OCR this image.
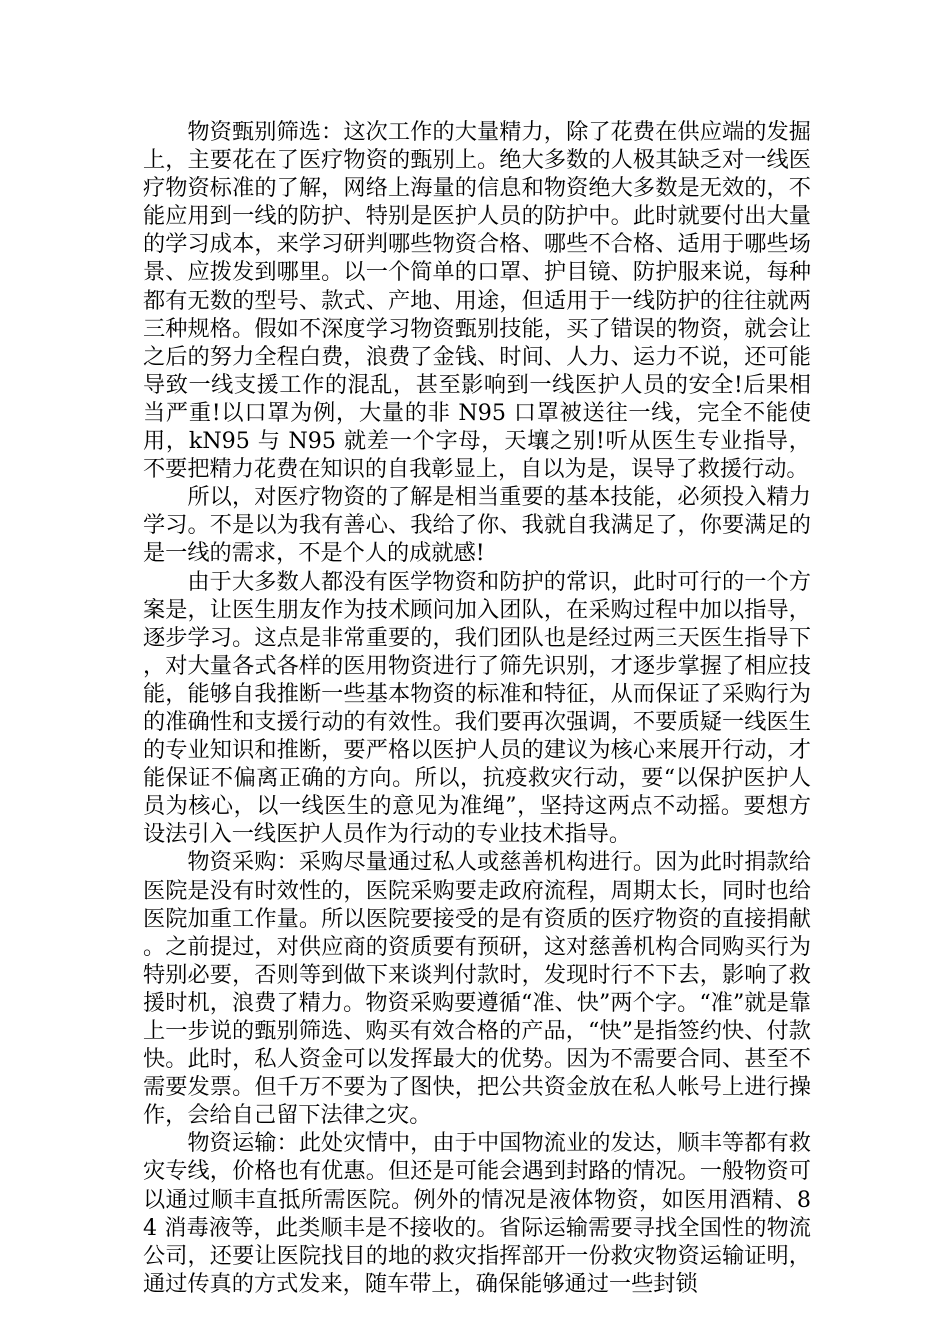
物资甄别筛选：这次工作的大量精力，除了花费在供应端的发掘上，主要花在了医疗物资的甄别上。绝大多数的人极其缺乏对一线医疗物资标准的了解，网络上海量的信息和物资绝大多数是无效的，不能应用到一线的防护、特别是医护人员的防护中。此时就要付出大量的学习成本，来学习研判哪些物资合格、哪些不合格、适用于哪些场景、应拨发到哪里。以一个简单的口罩、护目镜、防护服来说，每种都有无数的型号、款式、产地、用途，但适用于一线防护的往往就两三种规格。假如不深度学习物资甄别技能，买了错误的物资，就会让之后的努力全程白费，浪费了金钱、时间、人力、运力不说，还可能导致一线支援工作的混乱，甚至影响到一线医护人员的安全!后果相当严重!以口罩为例，大量的非 N95 口罩被送往一线，完全不能使用，kN95 与 N95 就差一个字母，天壤之别!听从医生专业指导，不要把精力花费在知识的自我彰显上，自以为是，误导了救援行动。

所以，对医疗物资的了解是相当重要的基本技能，必须投入精力学习。不是以为我有善心、我给了你、我就自我满足了，你要满足的是一线的需求，不是个人的成就感!

由于大多数人都没有医学物资和防护的常识，此时可行的一个方案是，让医生朋友作为技术顾问加入团队，在采购过程中加以指导，逐步学习。这点是非常重要的，我们团队也是经过两三天医生指导下，对大量各式各样的医用物资进行了筛先识别，才逐步掌握了相应技能，能够自我推断一些基本物资的标准和特征，从而保证了采购行为的准确性和支援行动的有效性。我们要再次强调，不要质疑一线医生的专业知识和推断，要严格以医护人员的建议为核心来展开行动，才能保证不偏离正确的方向。所以，抗疫救灾行动，要“以保护医护人员为核心，以一线医生的意见为准绳”，坚持这两点不动摇。要想方设法引入一线医护人员作为行动的专业技术指导。

物资采购：采购尽量通过私人或慈善机构进行。因为此时捐款给医院是没有时效性的，医院采购要走政府流程，周期太长，同时也给医院加重工作量。所以医院要接受的是有资质的医疗物资的直接捐献。之前提过，对供应商的资质要有预研，这对慈善机构合同购买行为特别必要，否则等到做下来谈判付款时，发现时行不下去，影响了救援时机，浪费了精力。物资采购要遵循“准、快”两个字。“准”就是靠上一步说的甄别筛选、购买有效合格的产品，“快”是指签约快、付款快。此时，私人资金可以发挥最大的优势。因为不需要合同、甚至不需要发票。但千万不要为了图快，把公共资金放在私人帐号上进行操作，会给自己留下法律之灾。

物资运输：此处灾情中，由于中国物流业的发达，顺丰等都有救灾专线，价格也有优惠。但还是可能会遇到封路的情况。一般物资可以通过顺丰直抵所需医院。例外的情况是液体物资，如医用酒精、84 消毒液等，此类顺丰是不接收的。省际运输需要寻找全国性的物流公司，还要让医院找目的地的救灾指挥部开一份救灾物资运输证明，通过传真的方式发来，随车带上，确保能够通过一些封锁
